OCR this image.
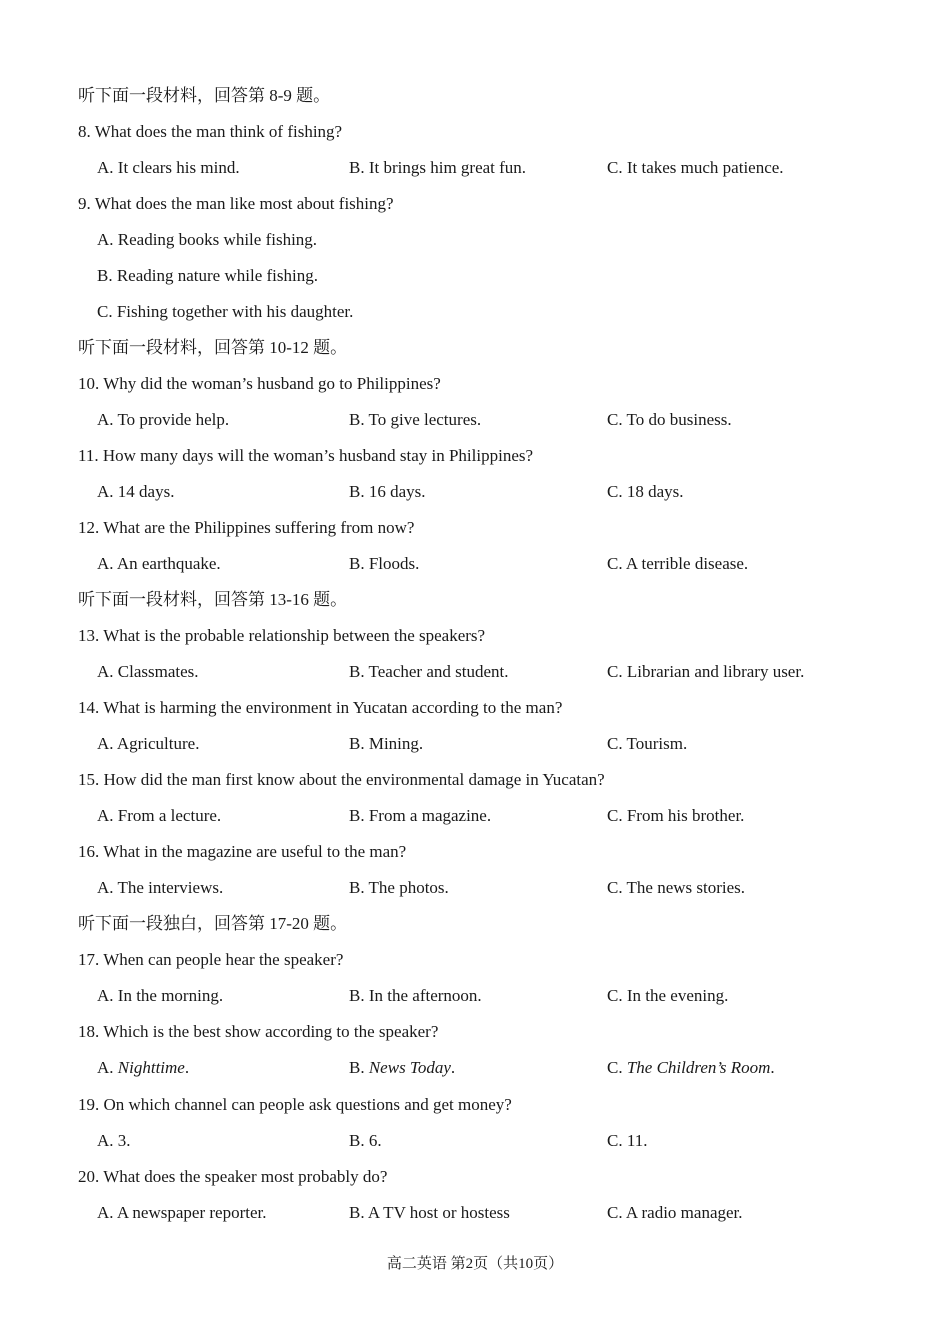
听下面一段材料，回答第 8-9 题。
8. What does the man think of fishing?
A. It clears his mind.	B. It brings him great fun.	C. It takes much patience.
9. What does the man like most about fishing?
A. Reading books while fishing.
B. Reading nature while fishing.
C. Fishing together with his daughter.
听下面一段材料，回答第 10-12 题。
10. Why did the woman’s husband go to Philippines?
A. To provide help.	B. To give lectures.	C. To do business.
11. How many days will the woman’s husband stay in Philippines?
A. 14 days.	B. 16 days.	C. 18 days.
12. What are the Philippines suffering from now?
A. An earthquake.	B. Floods.	C. A terrible disease.
听下面一段材料，回答第 13-16 题。
13. What is the probable relationship between the speakers?
A. Classmates.	B. Teacher and student.	C. Librarian and library user.
14. What is harming the environment in Yucatan according to the man?
A. Agriculture.	B. Mining.	C. Tourism.
15. How did the man first know about the environmental damage in Yucatan?
A. From a lecture.	B. From a magazine.	C. From his brother.
16. What in the magazine are useful to the man?
A. The interviews.	B. The photos.	C. The news stories.
听下面一段独白，回答第 17-20 题。
17. When can people hear the speaker?
A. In the morning.	B. In the afternoon.	C. In the evening.
18. Which is the best show according to the speaker?
A. Nighttime.	B. News Today.	C. The Children’s Room.
19. On which channel can people ask questions and get money?
A. 3.	B. 6.	C. 11.
20. What does the speaker most probably do?
A. A newspaper reporter.	B. A TV host or hostess	C. A radio manager.
高二英语 第2页（共10页）
